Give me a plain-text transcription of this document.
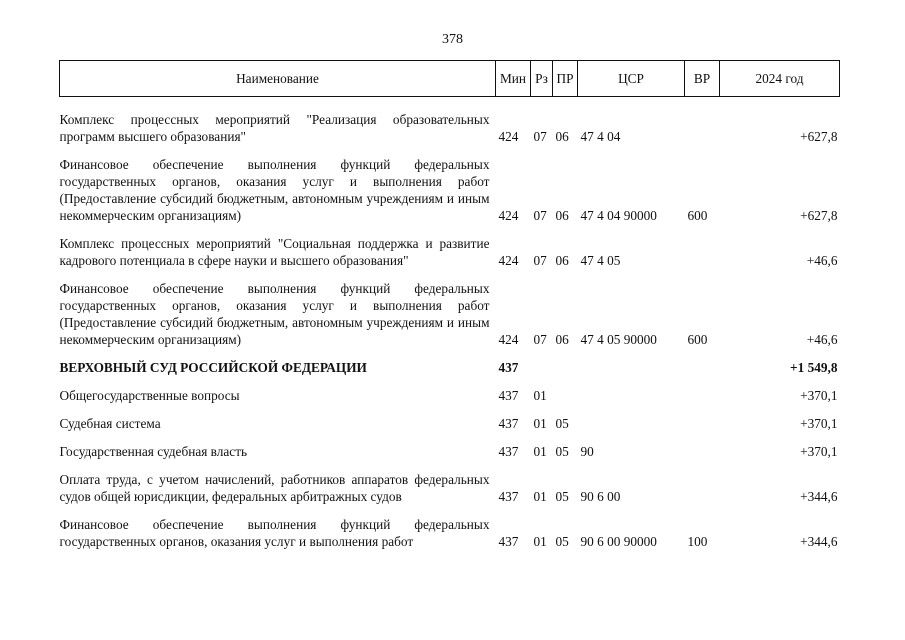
378
Наименование	Мин	Рз	ПР	ЦСР	ВР	2024 год

Комплекс процессных мероприятий "Реализация образовательных программ высшего образования"	424	07	06	47 4 04		+627,8
Финансовое обеспечение выполнения функций федеральных государственных органов, оказания услуг и выполнения работ (Предоставление субсидий бюджетным, автономным учреждениям и иным некоммерческим организациям)	424	07	06	47 4 04 90000	600	+627,8
Комплекс процессных мероприятий "Социальная поддержка и развитие кадрового потенциала в сфере науки и высшего образования"	424	07	06	47 4 05		+46,6
Финансовое обеспечение выполнения функций федеральных государственных органов, оказания услуг и выполнения работ (Предоставление субсидий бюджетным, автономным учреждениям и иным некоммерческим организациям)	424	07	06	47 4 05 90000	600	+46,6
ВЕРХОВНЫЙ СУД РОССИЙСКОЙ ФЕДЕРАЦИИ	437					+1 549,8
Общегосударственные вопросы	437	01				+370,1
Судебная система	437	01	05			+370,1
Государственная судебная власть	437	01	05	90		+370,1
Оплата труда, с учетом начислений, работников аппаратов федеральных судов общей юрисдикции, федеральных арбитражных судов	437	01	05	90 6 00		+344,6
Финансовое обеспечение выполнения функций федеральных государственных органов, оказания услуг и выполнения работ	437	01	05	90 6 00 90000	100	+344,6
